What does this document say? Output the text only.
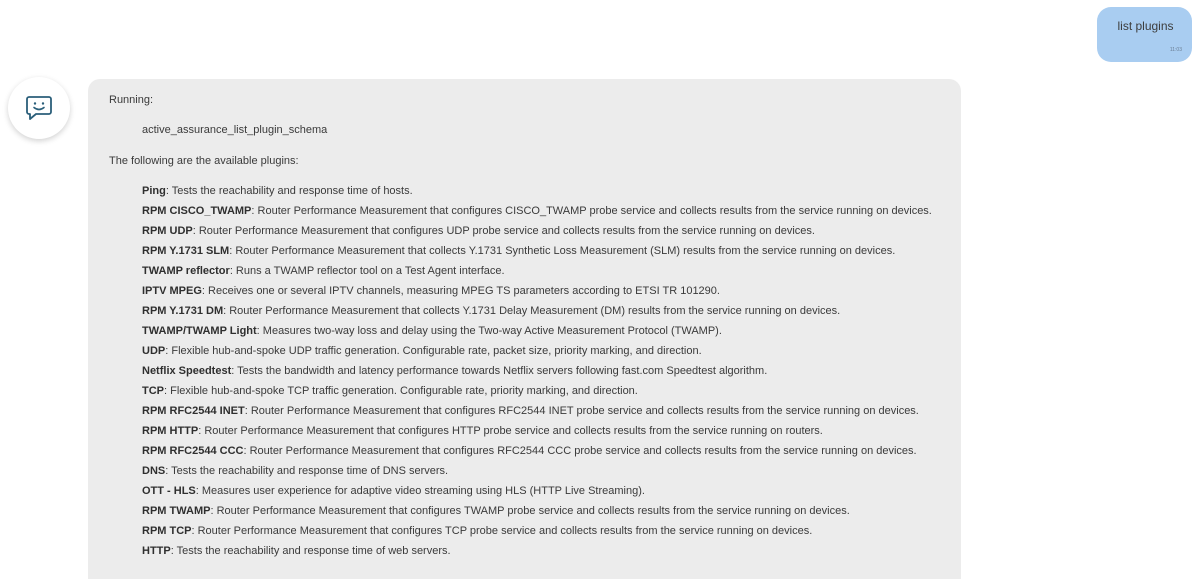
list plugins
11:03
Running:
active_assurance_list_plugin_schema
The following are the available plugins:
Ping: Tests the reachability and response time of hosts.
RPM CISCO_TWAMP: Router Performance Measurement that configures CISCO_TWAMP probe service and collects results from the service running on devices.
RPM UDP: Router Performance Measurement that configures UDP probe service and collects results from the service running on devices.
RPM Y.1731 SLM: Router Performance Measurement that collects Y.1731 Synthetic Loss Measurement (SLM) results from the service running on devices.
TWAMP reflector: Runs a TWAMP reflector tool on a Test Agent interface.
IPTV MPEG: Receives one or several IPTV channels, measuring MPEG TS parameters according to ETSI TR 101290.
RPM Y.1731 DM: Router Performance Measurement that collects Y.1731 Delay Measurement (DM) results from the service running on devices.
TWAMP/TWAMP Light: Measures two-way loss and delay using the Two-way Active Measurement Protocol (TWAMP).
UDP: Flexible hub-and-spoke UDP traffic generation. Configurable rate, packet size, priority marking, and direction.
Netflix Speedtest: Tests the bandwidth and latency performance towards Netflix servers following fast.com Speedtest algorithm.
TCP: Flexible hub-and-spoke TCP traffic generation. Configurable rate, priority marking, and direction.
RPM RFC2544 INET: Router Performance Measurement that configures RFC2544 INET probe service and collects results from the service running on devices.
RPM HTTP: Router Performance Measurement that configures HTTP probe service and collects results from the service running on routers.
RPM RFC2544 CCC: Router Performance Measurement that configures RFC2544 CCC probe service and collects results from the service running on devices.
DNS: Tests the reachability and response time of DNS servers.
OTT - HLS: Measures user experience for adaptive video streaming using HLS (HTTP Live Streaming).
RPM TWAMP: Router Performance Measurement that configures TWAMP probe service and collects results from the service running on devices.
RPM TCP: Router Performance Measurement that configures TCP probe service and collects results from the service running on devices.
HTTP: Tests the reachability and response time of web servers.
